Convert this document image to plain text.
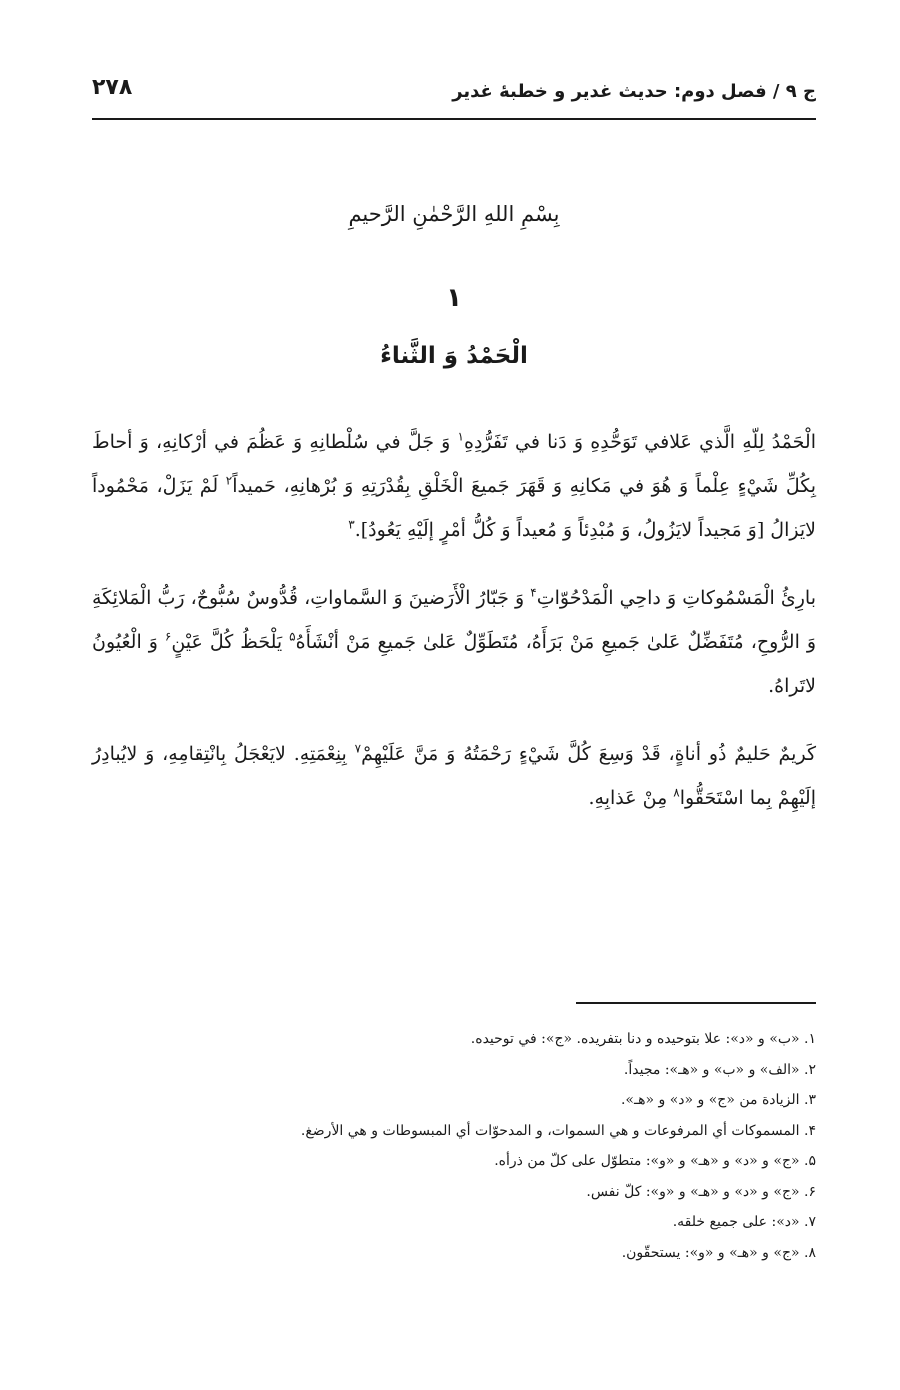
ج ۹ / فصل دوم: حديث غدير و خطبهٔ غدير
۲۷۸
بِسْمِ اللهِ الرَّحْمٰنِ الرَّحيمِ
۱
الْحَمْدُ وَ الثَّناءُ

الْحَمْدُ لِلّهِ الَّذي عَلافي تَوَحُّدِهِ وَ دَنا في تَفَرُّدِهِ$^۱$ وَ جَلَّ في سُلْطانِهِ وَ عَظُمَ في أرْكانِهِ، وَ أحاطَ بِكُلِّ شَيْءٍ عِلْماً وَ هُوَ في مَكانِهِ وَ قَهَرَ جَميعَ الْخَلْقِ بِقُدْرَتِهِ وَ بُرْهانِهِ، حَميداً$^۲$ لَمْ يَزَلْ، مَحْمُوداً لايَزالُ [وَ مَجيداً لايَزُولُ، وَ مُبْدِئاً وَ مُعيداً وَ كُلُّ أمْرٍ إلَيْهِ يَعُودُ].$^۳$

بارِئُ الْمَسْمُوكاتِ وَ داحِي الْمَدْحُوّاتِ$^۴$ وَ جَبّارُ الْأَرَضينَ وَ السَّماواتِ، قُدُّوسٌ سُبُّوحٌ، رَبُّ الْمَلائِكَةِ وَ الرُّوحِ، مُتَفَضِّلٌ عَلىٰ جَميعِ مَنْ بَرَأَهُ، مُتَطَوِّلٌ عَلىٰ جَميعِ مَنْ أنْشَأَهُ$^۵$ يَلْحَظُ كُلَّ عَيْنٍ$^۶$ وَ الْعُيُونُ لاتَراهُ.

كَريمٌ حَليمٌ ذُو أناةٍ، قَدْ وَسِعَ كُلَّ شَيْءٍ رَحْمَتُهُ وَ مَنَّ عَلَيْهِمْ$^۷$ بِنِعْمَتِهِ. لايَعْجَلُ بِانْتِقامِهِ، وَ لايُبادِرُ إلَيْهِمْ بِما اسْتَحَقُّوا$^۸$ مِنْ عَذابِهِ.

۱. «ب» و «د»: علا بتوحيده و دنا بتفريده. «ج»: في توحيده.
۲. «الف» و «ب» و «هـ»: مجيداً.
۳. الزيادة من «ج» و «د» و «هـ».
۴. المسموكات أي المرفوعات و هي السموات، و المدحوّات أي المبسوطات و هي الأرضغ.
۵. «ج» و «د» و «هـ» و «و»: متطوّل على كلّ من ذرأه.
۶. «ج» و «د» و «هـ» و «و»: كلّ نفس.
۷. «د»: على جميع خلقه.
۸. «ج» و «هـ» و «و»: يستحقّون.
